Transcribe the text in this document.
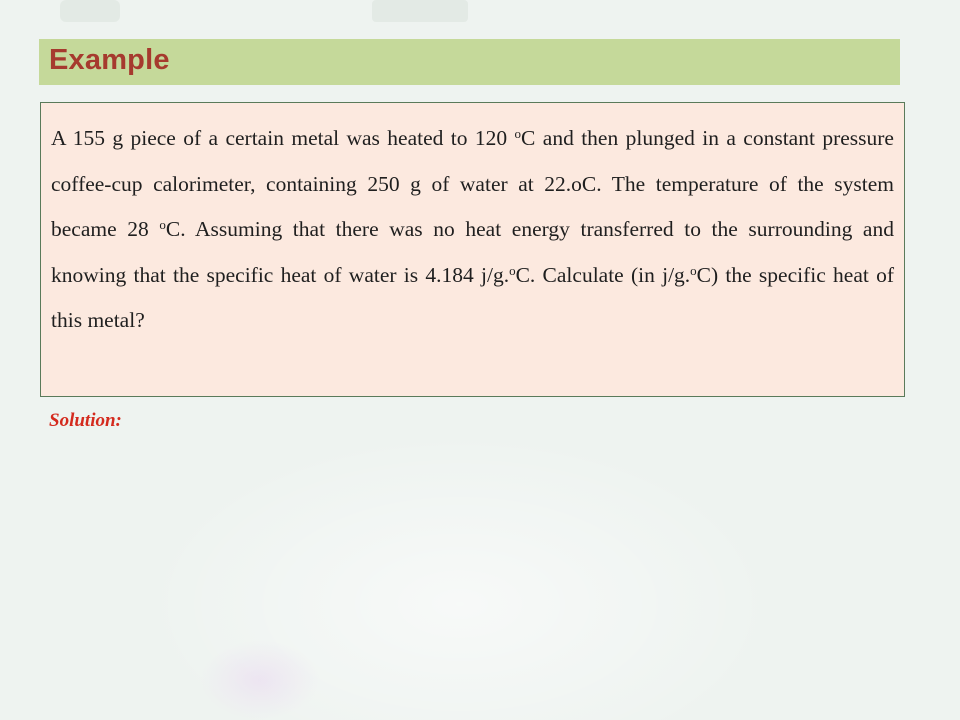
Example

A 155 g piece of a certain metal was heated to 120 $^o$C and then plunged in a constant pressure coffee-cup calorimeter, containing 250 g of water at 22.oC. The temperature of the system became 28 $^o$C. Assuming that there was no heat energy transferred to the surrounding and knowing that the specific heat of water is 4.184 j/g.$^o$C. Calculate (in j/g.$^o$C) the specific heat of this metal?

Solution:
